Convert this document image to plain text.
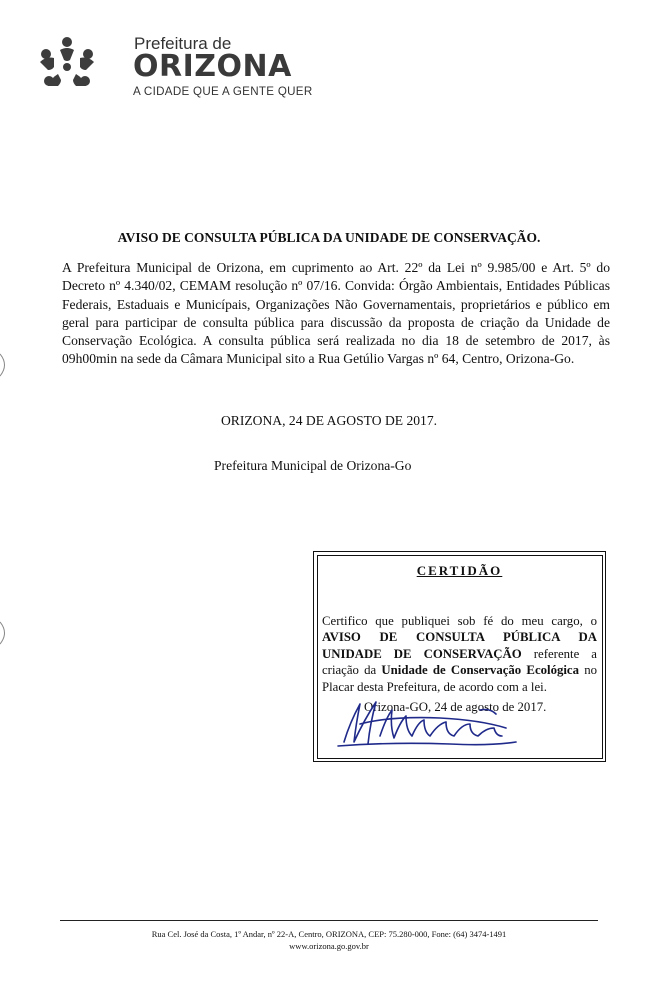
Prefeitura de
ORIZONA
A CIDADE QUE A GENTE QUER
AVISO DE CONSULTA PÚBLICA DA UNIDADE DE CONSERVAÇÃO.

A Prefeitura Municipal de Orizona, em cuprimento ao Art. 22º da Lei nº 9.985/00 e Art. 5º do Decreto nº 4.340/02, CEMAM resolução nº 07/16. Convida: Órgão Ambientais, Entidades Públicas Federais, Estaduais e Municípais, Organizações Não Governamentais, proprietários e público em geral para participar de consulta pública para discussão da proposta de criação da Unidade de Conservação Ecológica. A consulta pública será realizada no dia 18 de setembro de 2017, às 09h00min na sede da Câmara Municipal sito a Rua Getúlio Vargas nº 64, Centro, Orizona-Go.

ORIZONA, 24 DE AGOSTO DE 2017.
Prefeitura Municipal de Orizona-Go
CERTIDÃO

Certifico que publiquei sob fé do meu cargo, o AVISO DE CONSULTA PÚBLICA DA UNIDADE DE CONSERVAÇÃO referente a criação da Unidade de Conservação Ecológica no Placar desta Prefeitura, de acordo com a lei.

Orizona-GO, 24 de agosto de 2017.
Rua Cel. José da Costa, 1º Andar, nº 22-A, Centro, ORIZONA, CEP: 75.280-000, Fone: (64) 3474-1491
www.orizona.go.gov.br
